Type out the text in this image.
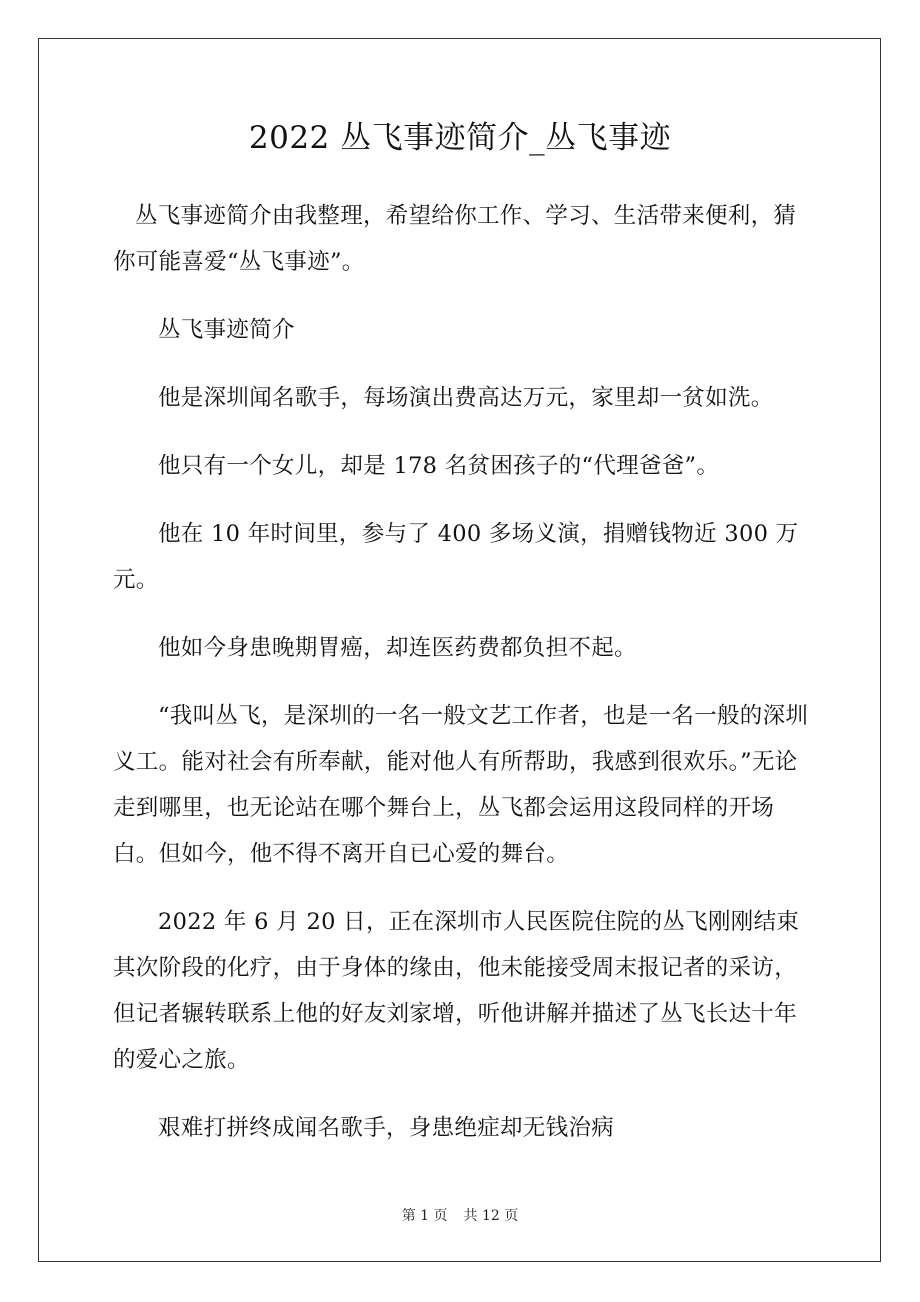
2022 丛飞事迹简介_丛飞事迹

丛飞事迹简介由我整理，希望给你工作、学习、生活带来便利，猜你可能喜爱“丛飞事迹”。

丛飞事迹简介

他是深圳闻名歌手，每场演出费高达万元，家里却一贫如洗。

他只有一个女儿，却是 178 名贫困孩子的“代理爸爸”。

他在 10 年时间里，参与了 400 多场义演，捐赠钱物近 300 万元。

他如今身患晚期胃癌，却连医药费都负担不起。

“我叫丛飞，是深圳的一名一般文艺工作者，也是一名一般的深圳义工。能对社会有所奉献，能对他人有所帮助，我感到很欢乐。”无论走到哪里，也无论站在哪个舞台上，丛飞都会运用这段同样的开场白。但如今，他不得不离开自已心爱的舞台。

2022 年 6 月 20 日，正在深圳市人民医院住院的丛飞刚刚结束其次阶段的化疗，由于身体的缘由，他未能接受周末报记者的采访，但记者辗转联系上他的好友刘家增，听他讲解并描述了丛飞长达十年的爱心之旅。

艰难打拼终成闻名歌手，身患绝症却无钱治病

第 1 页 共 12 页
